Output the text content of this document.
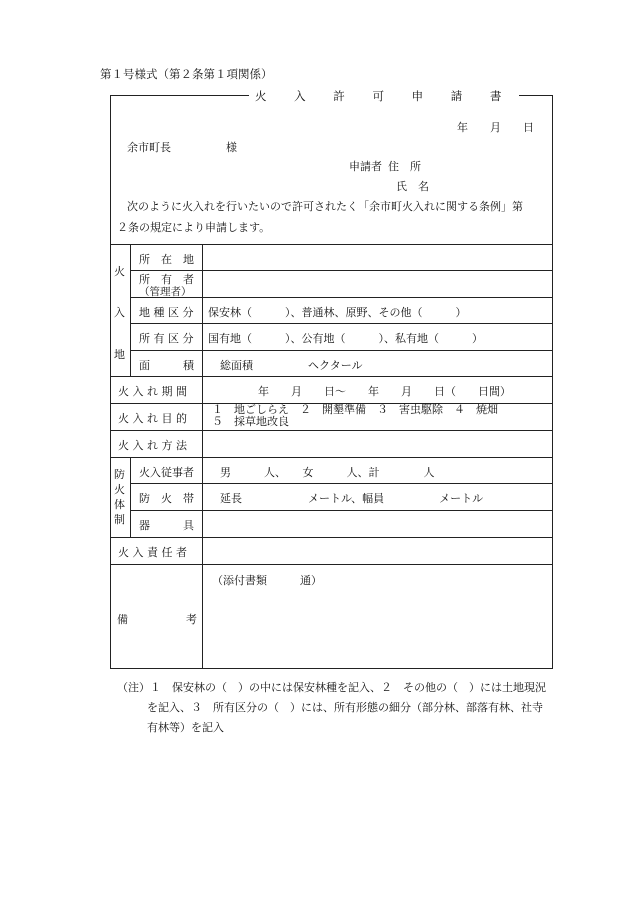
第１号様式（第２条第１項関係）
火 入 許 可 申 請 書
年　　月　　日
余市町長　　　　　様
申請者 住　所
氏　名
次のように火入れを行いたいので許可されたく「余市町火入れに関する条例」第
２条の規定により申請します。
火
入
地
所　在　地
所　有　者
（管理者）
地 種 区 分 保安林（　　　）、普通林、原野、その他（　　　）
所 有 区 分 国有地（　　　）、公有地（　　　）、私有地（　　　）
面　　　積 総面積　　　　　ヘクタール
火 入 れ 期 間	年　　月　　日～　　年　　月　　日（　　日間）
火 入 れ 目 的
１　地ごしらえ　２　開墾準備　３　害虫駆除　４　焼畑
５　採草地改良
火 入 れ 方 法
防
火
体
制
火入従事者 男　　　人、　　女　　　人、計　　　　人
防　火　帯 延長　　　　　　メートル、幅員　　　　　メートル
器　　　具
火 入 責 任 者
備	考
（添付書類　　　通）
（注）１　保安林の（　）の中には保安林種を記入、２　その他の（　）には土地現況
を記入、３　所有区分の（　）には、所有形態の細分（部分林、部落有林、社寺
有林等）を記入
